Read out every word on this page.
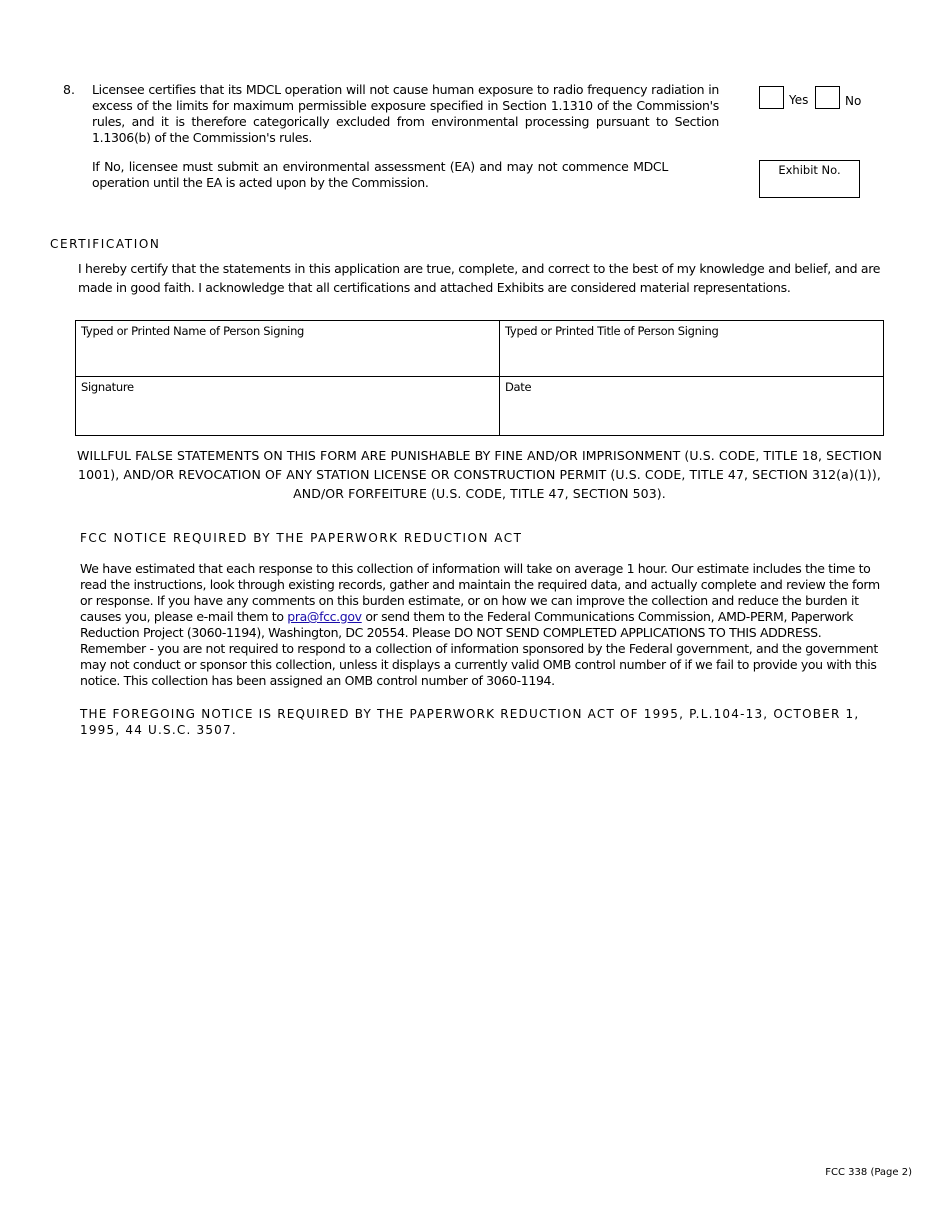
8. Licensee certifies that its MDCL operation will not cause human exposure to radio frequency radiation in excess of the limits for maximum permissible exposure specified in Section 1.1310 of the Commission's rules, and it is therefore categorically excluded from environmental processing pursuant to Section 1.1306(b) of the Commission's rules.
Yes	No
If No, licensee must submit an environmental assessment (EA) and may not commence MDCL operation until the EA is acted upon by the Commission.
Exhibit No.
CERTIFICATION
I hereby certify that the statements in this application are true, complete, and correct to the best of my knowledge and belief, and are made in good faith. I acknowledge that all certifications and attached Exhibits are considered material representations.
Typed or Printed Name of Person Signing	Typed or Printed Title of Person Signing
Signature	Date
WILLFUL FALSE STATEMENTS ON THIS FORM ARE PUNISHABLE BY FINE AND/OR IMPRISONMENT (U.S. CODE, TITLE 18, SECTION 1001), AND/OR REVOCATION OF ANY STATION LICENSE OR CONSTRUCTION PERMIT (U.S. CODE, TITLE 47, SECTION 312(a)(1)), AND/OR FORFEITURE (U.S. CODE, TITLE 47, SECTION 503).
FCC NOTICE REQUIRED BY THE PAPERWORK REDUCTION ACT
We have estimated that each response to this collection of information will take on average 1 hour. Our estimate includes the time to read the instructions, look through existing records, gather and maintain the required data, and actually complete and review the form or response. If you have any comments on this burden estimate, or on how we can improve the collection and reduce the burden it causes you, please e-mail them to pra@fcc.gov or send them to the Federal Communications Commission, AMD-PERM, Paperwork Reduction Project (3060-1194), Washington, DC 20554. Please DO NOT SEND COMPLETED APPLICATIONS TO THIS ADDRESS. Remember - you are not required to respond to a collection of information sponsored by the Federal government, and the government may not conduct or sponsor this collection, unless it displays a currently valid OMB control number of if we fail to provide you with this notice. This collection has been assigned an OMB control number of 3060-1194.
THE FOREGOING NOTICE IS REQUIRED BY THE PAPERWORK REDUCTION ACT OF 1995, P.L.104-13, OCTOBER 1, 1995, 44 U.S.C. 3507.
FCC 338 (Page 2)
